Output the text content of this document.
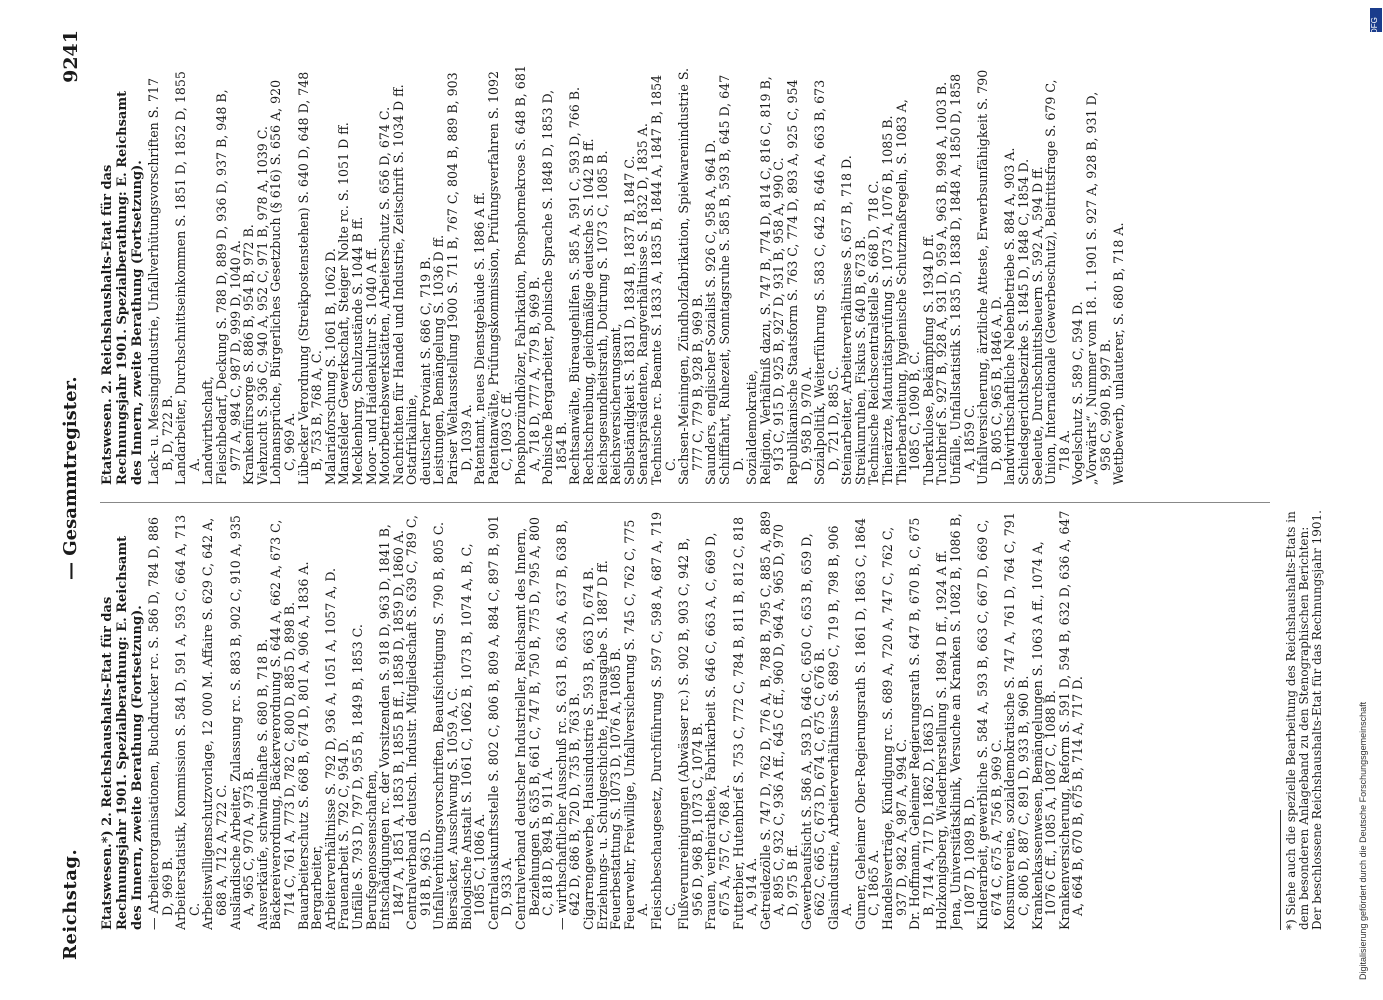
Reichstag.
— Gesammtregister.
9241
Etatswesen.*) 2. Reichshaushalts-Etat für das Rechnungsjahr 1901. Spezialberathung: E. Reichsamt des Innern, zweite Berathung (Fortsetzung). — Arbeiterorganisationen, Buchdrucker rc. S. 586 D, 784 D, 886 D, 969 B.

Arbeiterstatistik, Kommission S. 584 D, 591 A, 593 C, 664 A, 713 C.

Arbeitswilligenschutzvorlage, 12 000 M. Affaire S. 629 C, 642 A, 688 A, 712 A, 722 C.

Ausländische Arbeiter, Zulassung rc. S. 883 B, 902 C, 910 A, 935 A, 965 C, 970 A, 973 B.

Ausverkäufe, schwindelhafte S. 680 B, 718 B.

Bäckereiverordnung, Bäckerverordnung S. 644 A, 662 A, 673 C, 714 C, 761 A, 773 D, 782 C, 800 D, 885 D, 898 B.

Bauarbeiterschutz S. 668 B, 674 D, 801 A, 906 A, 1836 A.

Bergarbeiter,

Arbeiterverhältnisse S. 792 D, 936 A, 1051 A, 1057 A, D.

Frauenarbeit S. 792 C, 954 D.

Unfälle S. 793 D, 797 D, 955 B, 1849 B, 1853 C.

Berufsgenossenschaften,

Entschädigungen rc. der Vorsitzenden S. 918 D, 963 D, 1841 B, 1847 A, 1851 A, 1853 B, 1855 B ff., 1858 D, 1859 D, 1860 A.

Centralverband deutsch. Industr. Mitgliedschaft S. 639 C, 789 C, 918 B, 963 D.

Unfallverhütungsvorschriften, Beaufsichtigung S. 790 B, 805 C.

Biersäcker, Ausschwung S. 1059 A, C.

Biologische Anstalt S. 1061 C, 1062 B, 1073 B, 1074 A, B, C, 1085 C, 1086 A.

Centralauskunftsstelle S. 802 C, 806 B, 809 A, 884 C, 897 B, 901 D, 933 A.

Centralverband deutscher Industrieller, Reichsamt des Innern, Beziehungen S. 635 B, 661 C, 747 B, 750 B, 775 D, 795 A, 800 C, 818 D, 894 B, 911 A.

— wirthschaftlicher Ausschuß rc. S. 631 B, 636 A, 637 B, 638 B, 642 D, 686 B, 720 D, 735 B, 763 B.

Cigarrengewerbe, Hausindustrie S. 593 B, 663 D, 674 B.

Erziehungs- u. Schulgeschichte, Herausgabe S. 1887 D ff.

Feuerbestattung S. 1073 D, 1076 A, 1085 B.

Feuerwehr, Freiwillige, Unfallversicherung S. 745 C, 762 C, 775 A.

Fleischbeschaugesetz, Durchführung S. 597 C, 598 A, 687 A, 719 C.

Flußverunreinigungen (Abwässer rc.) S. 902 B, 903 C, 942 B, 956 D, 968 B, 1073 C, 1074 B.

Frauen, verheirathete, Fabrikarbeit S. 646 C, 663 A, C, 669 D, 675 A, 757 C, 768 A.

Futterbier, Hutenbrief S. 753 C, 772 C, 784 B, 811 B, 812 C, 818 A, 914 A.

Getreidezölle S. 747 D, 762 D, 776 A, B, 788 B, 795 C, 885 A, 889 A, 895 C, 932 C, 936 A ff., 645 C ff., 960 D, 964 A, 965 D, 970 D, 975 B ff.

Gewerbeaufsicht S. 586 A, 593 D, 646 C, 650 C, 653 B, 659 D, 662 C, 665 C, 673 D, 674 C, 675 C, 676 B.

Glasindustrie, Arbeiterverhältnisse S. 689 C, 719 B, 798 B, 906 A.

Gumer, Geheimer Ober-Regierungsrath S. 1861 D, 1863 C, 1864 C, 1865 A.

Handelsverträge, Kündigung rc. S. 689 A, 720 A, 747 C, 762 C, 937 D, 982 A, 987 A, 994 C.

Dr. Hoffmann, Geheimer Regierungsrath S. 647 B, 670 B, C, 675 B, 714 A, 717 D, 1862 D, 1863 D.

Holzkonigsberg, Wiederherstellung S. 1894 D ff., 1924 A ff.

Jena, Universitätsklinik, Versuche an Kranken S. 1082 B, 1086 B, 1087 D, 1089 B, D.

Kinderarbeit, gewerbliche S. 584 A, 593 B, 663 C, 667 D, 669 C, 674 C, 675 A, 756 B, 969 C.

Konsumvereine, sozialdemokratische S. 747 A, 761 D, 764 C, 791 C, 806 D, 887 C, 891 D, 933 B, 960 B.

Krankenkassenwesen, Bemängelungen S. 1063 A ff., 1074 A, 1076 C ff., 1085 A, 1087 C, 1088 B.

Krankenversicherung, Reform S. 591 D, 594 B, 632 D, 636 A, 647 A, 664 B, 670 B, 675 B, 714 A, 717 D.

Etatswesen. 2. Reichshaushalts-Etat für das Rechnungsjahr 1901. Spezialberathung: E. Reichsamt des Innern, zweite Berathung (Fortsetzung). Lack- u. Messingindustrie, Unfallverhütungsvorschriften S. 717 B, D, 722 B.

Landarbeiter, Durchschnittseinkommen S. 1851 D, 1852 D, 1855 A.

Landwirthschaft,

Fleischbedarf, Deckung S. 788 D, 889 D, 936 D, 937 B, 948 B, 977 A, 984 C, 987 D, 999 D, 1040 A.

Krankenfürsorge S. 886 B, 954 B, 972 B.

Viehzucht S. 936 C, 940 A, 952 C, 971 B, 978 A, 1039 C.

Lohnansprüche, Bürgerliches Gesetzbuch (§ 616) S. 656 A, 920 C, 969 A.

Lübecker Verordnung (Streikpostenstehen) S. 640 D, 648 D, 748 B, 753 B, 768 A, C.

Malariaforschung S. 1061 B, 1062 D.

Mansfelder Gewerkschaft, Steiger Nolte rc. S. 1051 D ff.

Mecklenburg, Schulzustände S. 1044 B ff.

Moor- und Haidenkultur S. 1040 A ff.

Motorbetriebswerkstätten, Arbeiterschutz S. 656 D, 674 C.

Nachrichten für Handel und Industrie, Zeitschrift S. 1034 D ff.

Ostafrikalinie,

deutscher Proviant S. 686 C, 719 B.

Leistungen, Bemängelung S. 1036 D ff.

Pariser Weltausstellung 1900 S. 711 B, 767 C, 804 B, 889 B, 903 D, 1039 A.

Patentamt, neues Dienstgebäude S. 1886 A ff.

Patentanwälte, Prüfungskommission, Prüfungsverfahren S. 1092 C, 1093 C ff.

Phosphorzündhölzer, Fabrikation, Phosphornekrose S. 648 B, 681 A, 718 D, 777 A, 779 B, 969 B.

Polnische Bergarbeiter, polnische Sprache S. 1848 D, 1853 D, 1854 B.

Rechtsanwälte, Büreaugehilfen S. 585 A, 591 C, 593 D, 766 B.

Rechtschreibung, gleichmäßige deutsche S. 1042 B ff.

Reichsgesundheitsrath, Dotirung S. 1073 C, 1085 B.

Reichsversicherungsamt,

Selbständigkeit S. 1831 D, 1834 B, 1837 B, 1847 C.

Senatspräsidenten, Rangverhältnisse S. 1832 D, 1835 A.

Technische rc. Beamte S. 1833 A, 1835 B, 1844 A, 1847 B, 1854 C.

Sachsen-Meiningen, Zündholzfabrikation, Spielwarenindustrie S. 777 C, 779 B, 928 B, 969 B.

Saunders, englischer Sozialist S. 926 C, 958 A, 964 D.

Schifffahrt, Ruhezeit, Sonntagsruhe S. 585 B, 593 B, 645 D, 647 D.

Sozialdemokratie,

Religion, Verhältniß dazu, S. 747 B, 774 D, 814 C, 816 C, 819 B, 913 C, 915 D, 925 B, 927 D, 931 B, 958 A, 990 C.

Republikanische Staatsform S. 763 C, 774 D, 893 A, 925 C, 954 D, 958 D, 970 A.

Sozialpolitik, Weiterführung S. 583 C, 642 B, 646 A, 663 B, 673 D, 721 D, 885 C.

Steinarbeiter, Arbeiterverhältnisse S. 657 B, 718 D.

Streikunruhen, Fiskus S. 640 B, 673 B.

Technische Reichscentralstelle S. 668 D, 718 C.

Thierärzte, Maturitätsprüfung S. 1073 A, 1076 B, 1085 B.

Thierbearbeitung, hygienische Schutzmaßregeln, S. 1083 A, 1085 C, 1090 B, C.

Tuberkulose, Bekämpfung S. 1934 D ff.

Tuchbrief S. 927 B, 928 A, 931 D, 959 A, 963 B, 998 A, 1003 B.

Unfälle, Unfallstatistik S. 1835 D, 1838 D, 1848 A, 1850 D, 1858 A, 1859 C.

Unfallversicherung, ärztliche Atteste, Erwerbsunfähigkeit S. 790 D, 805 C, 965 B, 1846 A, D.

landwirthschaftliche Nebenbetriebe S. 884 A, 903 A.

Schiedsgerichtsbezirke S. 1845 D, 1848 C, 1854 D.

Seeleute, Durchschnittsheuern S. 592 A, 594 D ff.

Union, Internationale (Gewerbeschutz), Beitrittsfrage S. 679 C, 718 A.

Vogelschutz S. 589 C, 594 D.

„Vorwärts“, Nummer vom 18. 1. 1901 S. 927 A, 928 B, 931 D, 958 C, 990 B, 997 B.

Wettbewerb, unlauterer, S. 680 B, 718 A.

*) Siehe auch die spezielle Bearbeitung des Reichshaushalts-Etats in dem besonderen Anlageband zu den Stenographischen Berichten: Der beschlossene Reichshaushalts-Etat für das Rechnungsjahr 1901.	Digitalisierung gefördert durch die Deutsche Forschungsgemeinschaft
DFG
